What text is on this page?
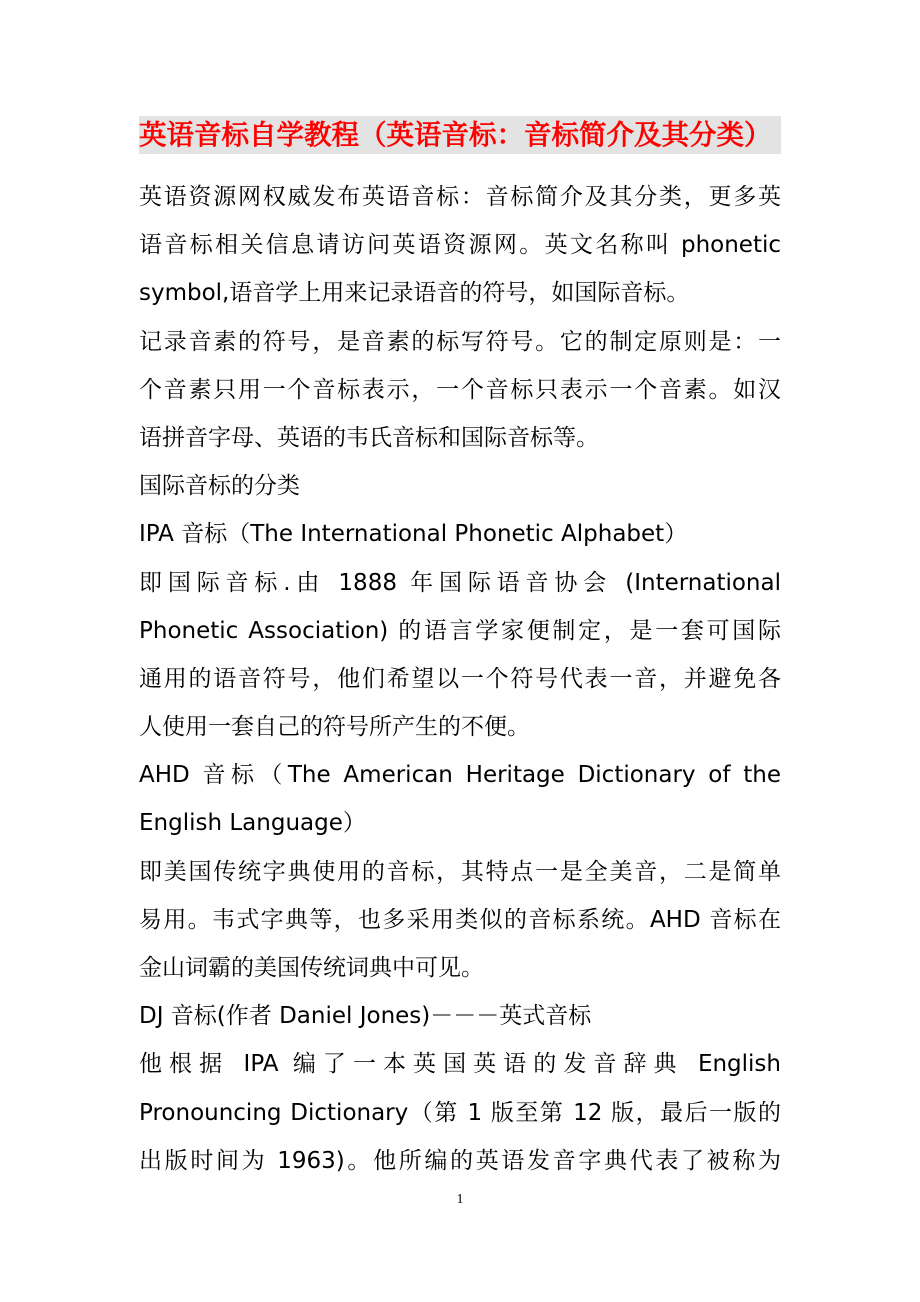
英语音标自学教程（英语音标：音标简介及其分类）
英语资源网权威发布英语音标：音标简介及其分类，更多英
语音标相关信息请访问英语资源网。英文名称叫 phonetic
symbol,语音学上用来记录语音的符号，如国际音标。
记录音素的符号，是音素的标写符号。它的制定原则是：一
个音素只用一个音标表示，一个音标只表示一个音素。如汉
语拼音字母、英语的韦氏音标和国际音标等。
国际音标的分类
IPA 音标（The International Phonetic Alphabet）
即国际音标.由 1888 年国际语音协会 (International
Phonetic Association) 的语言学家便制定，是一套可国际
通用的语音符号，他们希望以一个符号代表一音，并避免各
人使用一套自己的符号所产生的不便。
AHD 音标（The American Heritage Dictionary of the
English Language）
即美国传统字典使用的音标，其特点一是全美音，二是简单
易用。韦式字典等，也多采用类似的音标系统。AHD 音标在
金山词霸的美国传统词典中可见。
DJ 音标(作者 Daniel Jones)－－－英式音标
他根据 IPA 编了一本英国英语的发音辞典 English
Pronouncing Dictionary（第 1 版至第 12 版，最后一版的
出版时间为 1963)。他所编的英语发音字典代表了被称为
1
